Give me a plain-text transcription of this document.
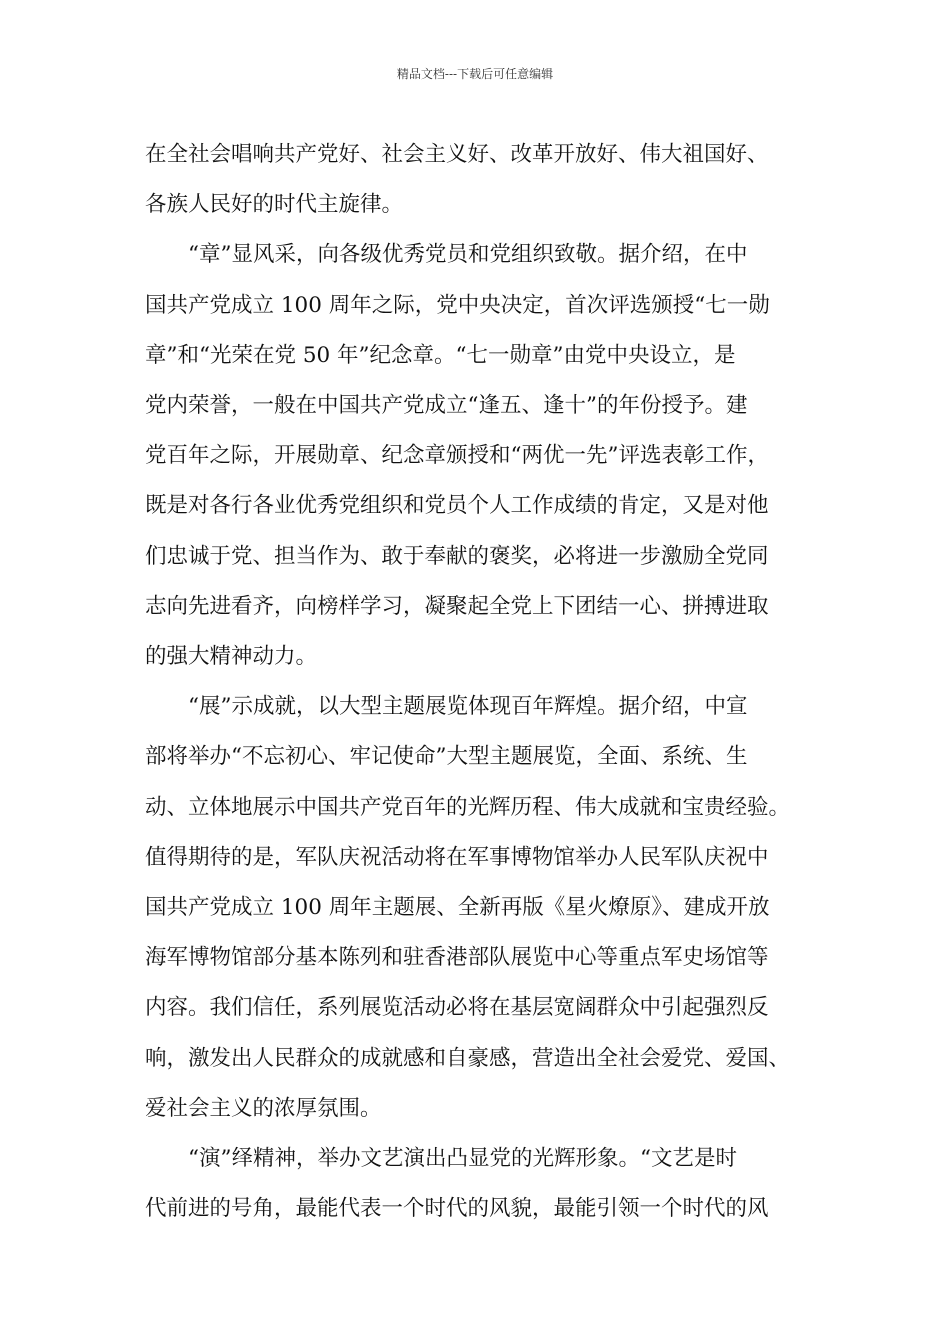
精品文档---下载后可任意编辑
在全社会唱响共产党好、社会主义好、改革开放好、伟大祖国好、
各族人民好的时代主旋律。
“章”显风采，向各级优秀党员和党组织致敬。据介绍，在中
国共产党成立 100 周年之际，党中央决定，首次评选颁授“七一勋
章”和“光荣在党 50 年”纪念章。“七一勋章”由党中央设立，是
党内荣誉，一般在中国共产党成立“逢五、逢十”的年份授予。建
党百年之际，开展勋章、纪念章颁授和“两优一先”评选表彰工作，
既是对各行各业优秀党组织和党员个人工作成绩的肯定，又是对他
们忠诚于党、担当作为、敢于奉献的褒奖，必将进一步激励全党同
志向先进看齐，向榜样学习，凝聚起全党上下团结一心、拼搏进取
的强大精神动力。
“展”示成就，以大型主题展览体现百年辉煌。据介绍，中宣
部将举办“不忘初心、牢记使命”大型主题展览，全面、系统、生
动、立体地展示中国共产党百年的光辉历程、伟大成就和宝贵经验。
值得期待的是，军队庆祝活动将在军事博物馆举办人民军队庆祝中
国共产党成立 100 周年主题展、全新再版《星火燎原》、建成开放
海军博物馆部分基本陈列和驻香港部队展览中心等重点军史场馆等
内容。我们信任，系列展览活动必将在基层宽阔群众中引起强烈反
响，激发出人民群众的成就感和自豪感，营造出全社会爱党、爱国、
爱社会主义的浓厚氛围。
“演”绎精神，举办文艺演出凸显党的光辉形象。“文艺是时
代前进的号角，最能代表一个时代的风貌，最能引领一个时代的风
